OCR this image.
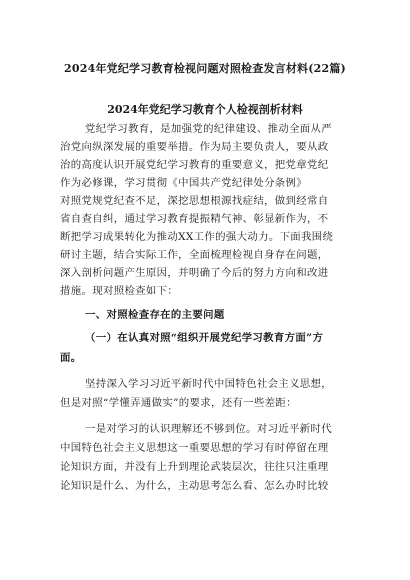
2024年党纪学习教育检视问题对照检查发言材料(22篇)
2024年党纪学习教育个人检视剖析材料
党纪学习教育，是加强党的纪律建设、推动全面从严
治党向纵深发展的重要举措。作为局主要负责人，要从政
治的高度认识开展党纪学习教育的重要意义，把党章党纪
作为必修课，学习贯彻《中国共产党纪律处分条例》
对照党规党纪查不足，深挖思想根源找症结，做到经常自
省自查自纠，通过学习教育提振精气神、彰显新作为，不
断把学习成果转化为推动XX工作的强大动力。下面我围绕
研讨主题，结合实际工作，全面梳理检视自身存在问题，
深入剖析问题产生原因，并明确了今后的努力方向和改进
措施。现对照检查如下：
一、对照检查存在的主要问题
（一）在认真对照“组织开展党纪学习教育方面”方
面。
坚持深入学习习近平新时代中国特色社会主义思想，
但是对照“学懂弄通做实”的要求，还有一些差距：
一是对学习的认识理解还不够到位。对习近平新时代
中国特色社会主义思想这一重要思想的学习有时停留在理
论知识方面，并没有上升到理论武装层次，往往只注重理
论知识是什么、为什么，主动思考怎么看、怎么办时比较
